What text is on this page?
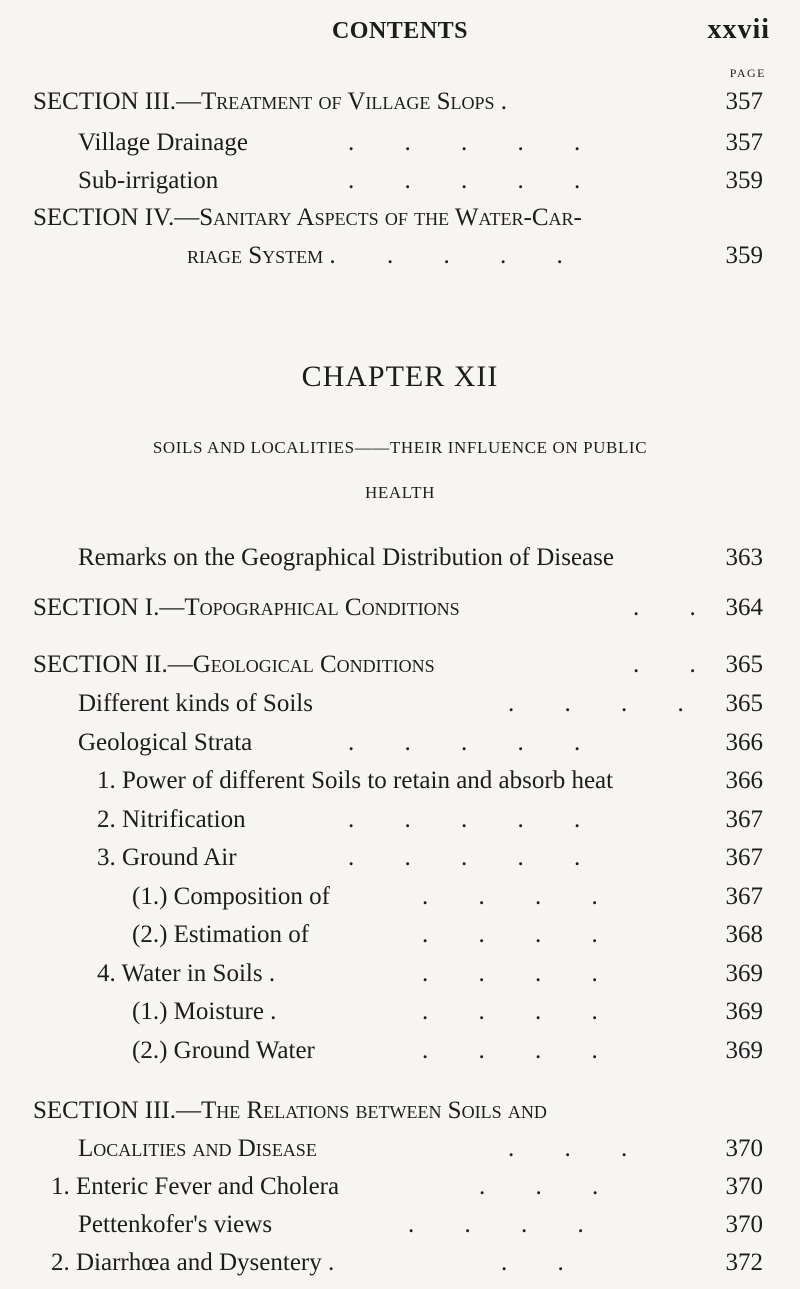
CONTENTS	xxvii
PAGE
SECTION III.—Treatment of Village Slops .	357
Village Drainage	. . . . .	357
Sub-irrigation	. . . . .	359
SECTION IV.—Sanitary Aspects of the Water-Car-
riage System . . . . .	359
CHAPTER XII
SOILS AND LOCALITIES——THEIR INFLUENCE ON PUBLIC
HEALTH
Remarks on the Geographical Distribution of Disease	363
SECTION I.—Topographical Conditions	. . 364
SECTION II.—Geological Conditions	. . 365
Different kinds of Soils	. . . . 365
Geological Strata	. . . . .	366
1. Power of different Soils to retain and absorb heat	366
2. Nitrification	. . . . .	367
3. Ground Air	. . . . .	367
(1.) Composition of	. . . .	367
(2.) Estimation of	. . . .	368
4. Water in Soils .	. . . .	369
(1.) Moisture .	. . . .	369
(2.) Ground Water	. . . .	369
SECTION III.—The Relations between Soils and
Localities and Disease	. . .	370
1. Enteric Fever and Cholera	. . .	370
Pettenkofer's views	. . . .	370
2. Diarrhœa and Dysentery .	. .	372
